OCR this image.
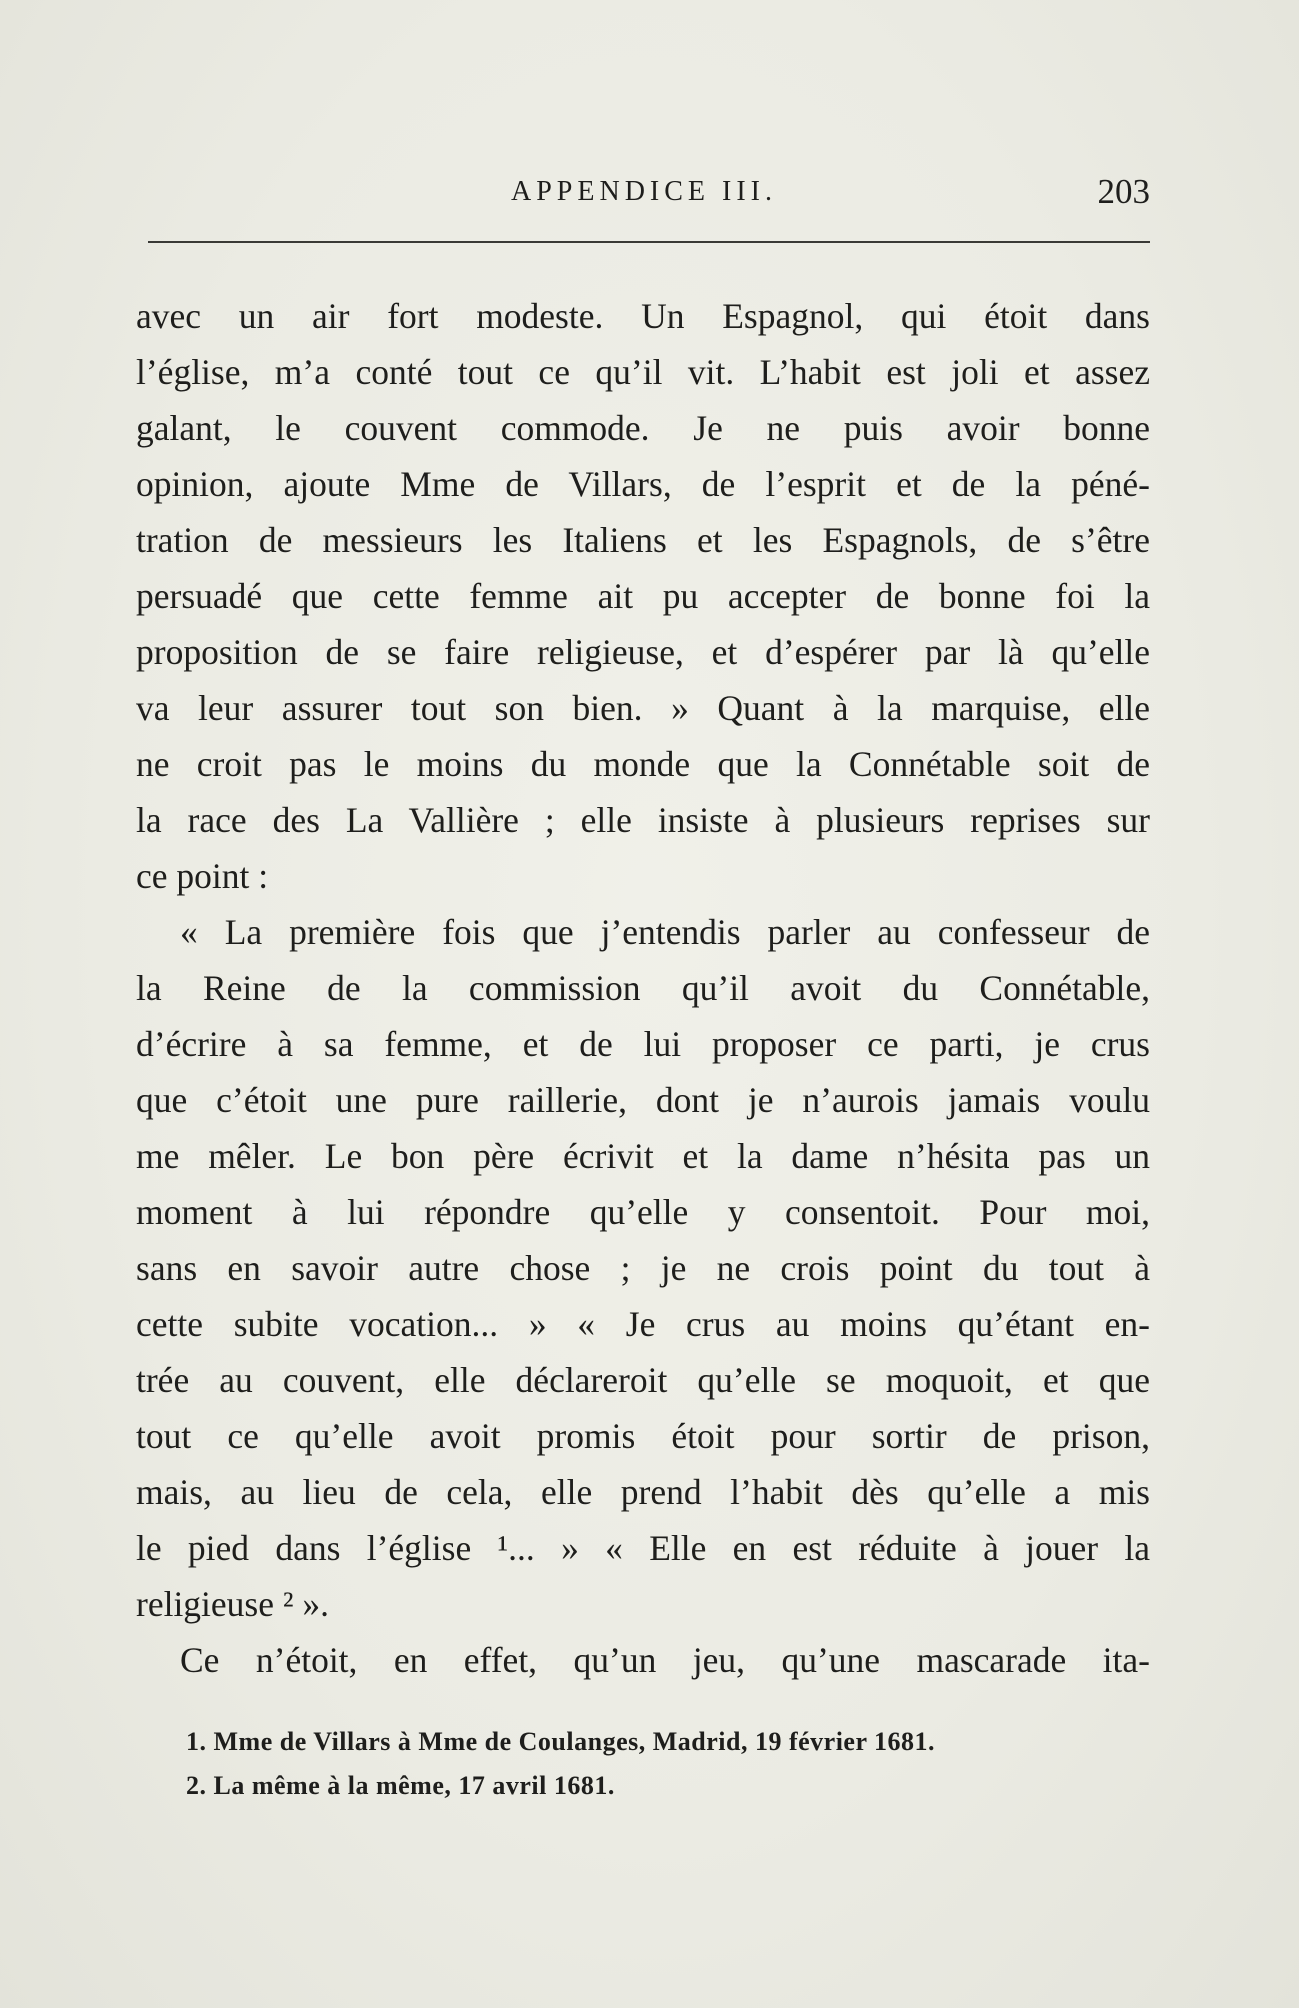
APPENDICE III.	203
avec un air fort modeste. Un Espagnol, qui étoit dans
l’église, m’a conté tout ce qu’il vit. L’habit est joli et assez
galant, le couvent commode. Je ne puis avoir bonne
opinion, ajoute Mme de Villars, de l’esprit et de la péné-
tration de messieurs les Italiens et les Espagnols, de s’être
persuadé que cette femme ait pu accepter de bonne foi la
proposition de se faire religieuse, et d’espérer par là qu’elle
va leur assurer tout son bien. » Quant à la marquise, elle
ne croit pas le moins du monde que la Connétable soit de
la race des La Vallière ; elle insiste à plusieurs reprises sur
ce point :
« La première fois que j’entendis parler au confesseur de
la Reine de la commission qu’il avoit du Connétable,
d’écrire à sa femme, et de lui proposer ce parti, je crus
que c’étoit une pure raillerie, dont je n’aurois jamais voulu
me mêler. Le bon père écrivit et la dame n’hésita pas un
moment à lui répondre qu’elle y consentoit. Pour moi,
sans en savoir autre chose ; je ne crois point du tout à
cette subite vocation... » « Je crus au moins qu’étant en-
trée au couvent, elle déclareroit qu’elle se moquoit, et que
tout ce qu’elle avoit promis étoit pour sortir de prison,
mais, au lieu de cela, elle prend l’habit dès qu’elle a mis
le pied dans l’église ¹... » « Elle en est réduite à jouer la
religieuse ² ».
Ce n’étoit, en effet, qu’un jeu, qu’une mascarade ita-
1. Mme de Villars à Mme de Coulanges, Madrid, 19 février 1681.
2. La même à la même, 17 avril 1681.
